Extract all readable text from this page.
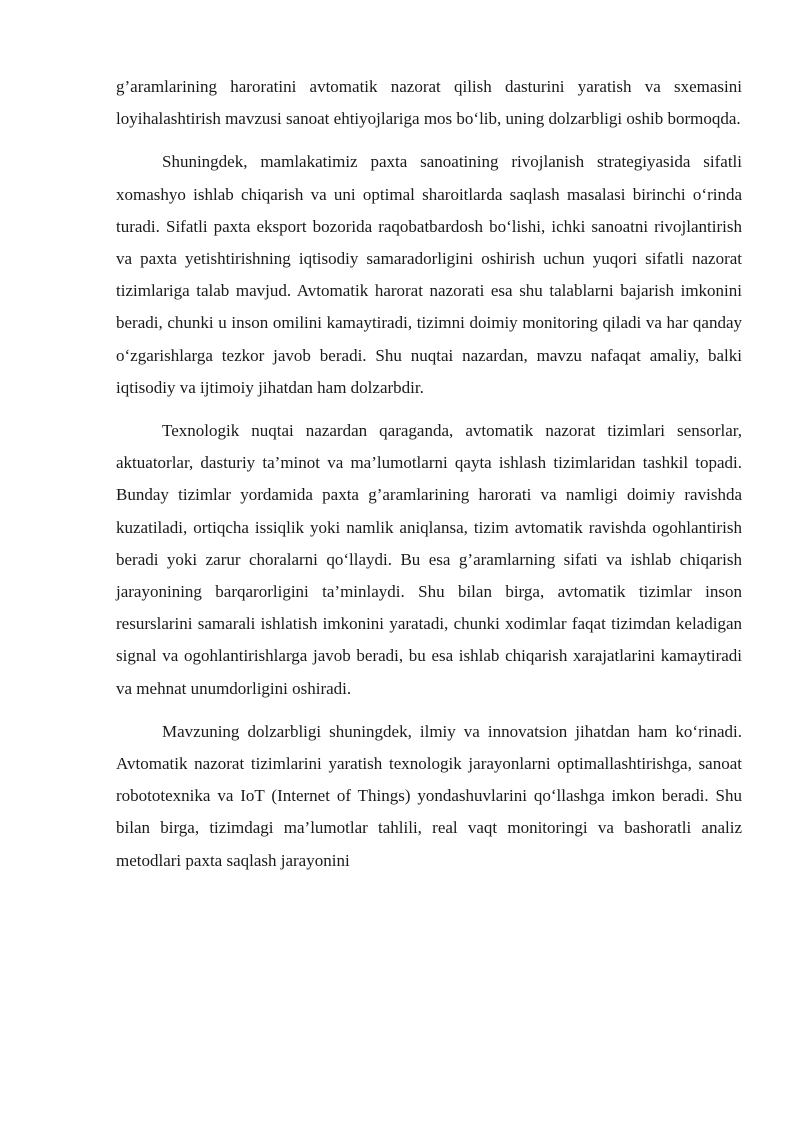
g’aramlarining haroratini avtomatik nazorat qilish dasturini yaratish va sxemasini loyihalashtirish mavzusi sanoat ehtiyojlariga mos bo‘lib, uning dolzarbligi oshib bormoqda.

Shuningdek, mamlakatimiz paxta sanoatining rivojlanish strategiyasida sifatli xomashyo ishlab chiqarish va uni optimal sharoitlarda saqlash masalasi birinchi o‘rinda turadi. Sifatli paxta eksport bozorida raqobatbardosh bo‘lishi, ichki sanoatni rivojlantirish va paxta yetishtirishning iqtisodiy samaradorligini oshirish uchun yuqori sifatli nazorat tizimlariga talab mavjud. Avtomatik harorat nazorati esa shu talablarni bajarish imkonini beradi, chunki u inson omilini kamaytiradi, tizimni doimiy monitoring qiladi va har qanday o‘zgarishlarga tezkor javob beradi. Shu nuqtai nazardan, mavzu nafaqat amaliy, balki iqtisodiy va ijtimoiy jihatdan ham dolzarbdir.

Texnologik nuqtai nazardan qaraganda, avtomatik nazorat tizimlari sensorlar, aktuatorlar, dasturiy ta’minot va ma’lumotlarni qayta ishlash tizimlaridan tashkil topadi. Bunday tizimlar yordamida paxta g’aramlarining harorati va namligi doimiy ravishda kuzatiladi, ortiqcha issiqlik yoki namlik aniqlansa, tizim avtomatik ravishda ogohlantirish beradi yoki zarur choralarni qo‘llaydi. Bu esa g’aramlarning sifati va ishlab chiqarish jarayonining barqarorligini ta’minlaydi. Shu bilan birga, avtomatik tizimlar inson resurslarini samarali ishlatish imkonini yaratadi, chunki xodimlar faqat tizimdan keladigan signal va ogohlantirishlarga javob beradi, bu esa ishlab chiqarish xarajatlarini kamaytiradi va mehnat unumdorligini oshiradi.

Mavzuning dolzarbligi shuningdek, ilmiy va innovatsion jihatdan ham ko‘rinadi. Avtomatik nazorat tizimlarini yaratish texnologik jarayonlarni optimallashtirishga, sanoat robototexnika va IoT (Internet of Things) yondashuvlarini qo‘llashga imkon beradi. Shu bilan birga, tizimdagi ma’lumotlar tahlili, real vaqt monitoringi va bashoratli analiz metodlari paxta saqlash jarayonini
